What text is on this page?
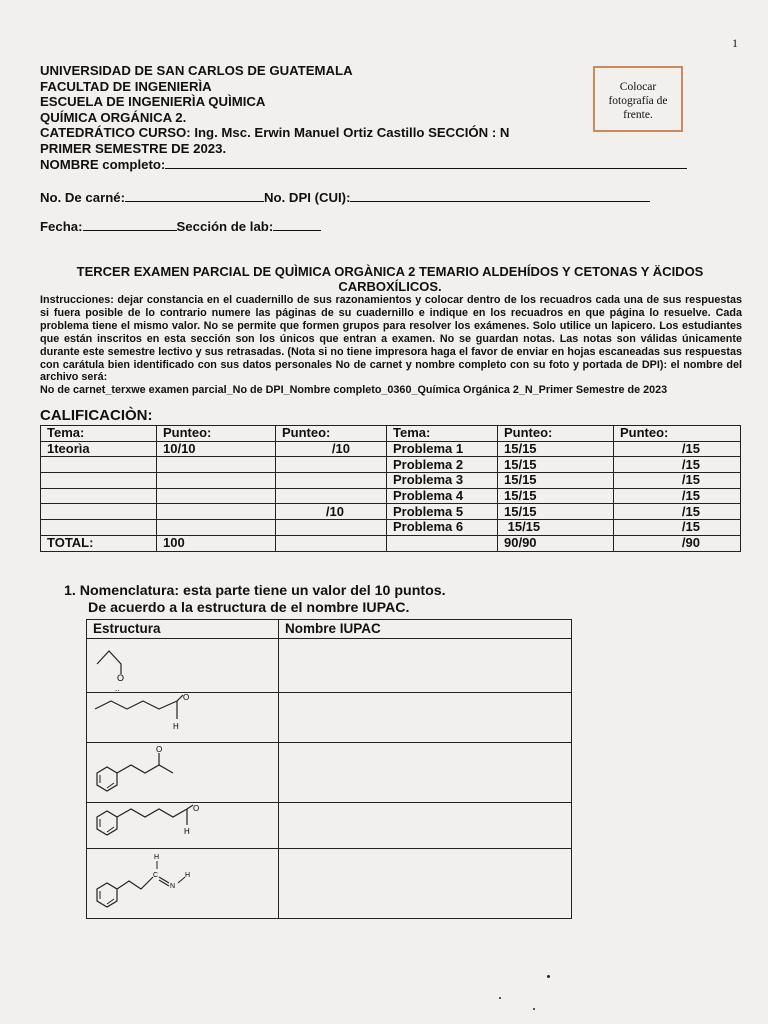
1
UNIVERSIDAD DE SAN CARLOS DE GUATEMALA
FACULTAD DE INGENIERÌA
ESCUELA DE INGENIERÌA QUÌMICA
QUÍMICA ORGÁNICA 2.
CATEDRÁTICO CURSO: Ing. Msc. Erwin Manuel Ortiz Castillo SECCIÓN : N
PRIMER SEMESTRE DE 2023.
Colocar
fotografía de
frente.
NOMBRE completo:
No. De carné:	No. DPI (CUI):
Fecha:	Sección de lab:
TERCER EXAMEN PARCIAL DE QUÌMICA ORGÀNICA 2 TEMARIO ALDEHÍDOS Y CETONAS Y ÄCIDOS
CARBOXÍLICOS.
Instrucciones: dejar constancia en el cuadernillo de sus razonamientos y colocar dentro de los recuadros cada una de sus respuestas si fuera posible de lo contrario numere las páginas de su cuadernillo e indique en los recuadros en que página lo resuelve. Cada problema tiene el mismo valor. No se permite que formen grupos para resolver los exámenes. Solo utilice un lapicero. Los estudiantes que están inscritos en esta sección son los únicos que entran a examen. No se guardan notas. Las notas son válidas únicamente durante este semestre lectivo y sus retrasadas. (Nota si no tiene impresora haga el favor de enviar en hojas escaneadas sus respuestas con carátula bien identificado con sus datos personales No de carnet y nombre completo con su foto y portada de DPI): el nombre del archivo será:
No de carnet_terxwe examen parcial_No de DPI_Nombre completo_0360_Química Orgánica 2_N_Primer Semestre de 2023
CALIFICACIÒN:
Tema:	Punteo:	Punteo:	Tema:	Punteo:	Punteo:
1teorìa	10/10	/10	Problema 1	15/15	/15
			Problema 2	15/15	/15
			Problema 3	15/15	/15
			Problema 4	15/15	/15
		/10	Problema 5	15/15	/15
			Problema 6	15/15	/15
TOTAL:	100			90/90	/90
1. Nomenclatura: esta parte tiene un valor del 10 puntos.
De acuerdo a la estructura de el nombre IUPAC.
Estructura	Nombre IUPAC

O
..	

O
H	

O	

O
H	

H
C
N
H	
